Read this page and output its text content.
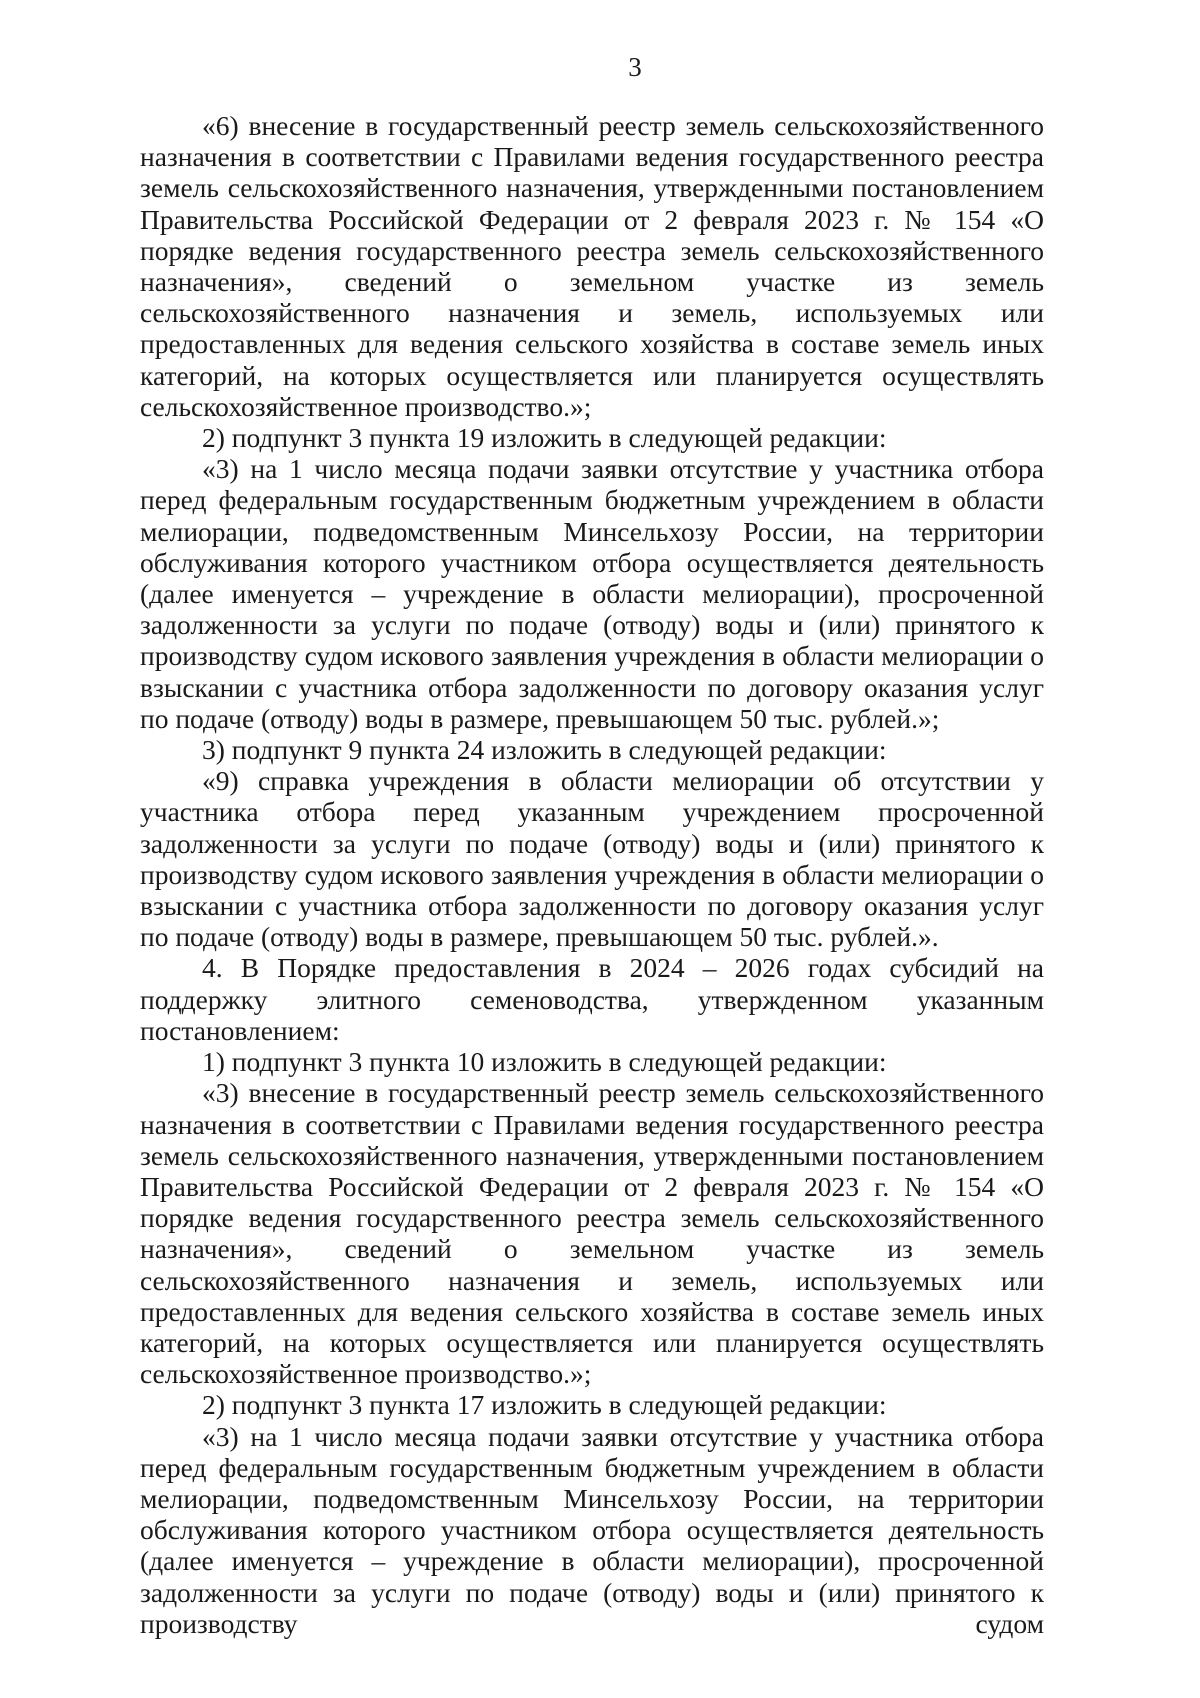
3

«6) внесение в государственный реестр земель сельскохозяйственного назначения в соответствии с Правилами ведения государственного реестра земель сельскохозяйственного назначения, утвержденными постановлением Правительства Российской Федерации от 2 февраля 2023 г. № 154 «О порядке ведения государственного реестра земель сельскохозяйственного назначения», сведений о земельном участке из земель сельскохозяйственного назначения и земель, используемых или предоставленных для ведения сельского хозяйства в составе земель иных категорий, на которых осуществляется или планируется осуществлять сельскохозяйственное производство.»;

2) подпункт 3 пункта 19 изложить в следующей редакции:

«3) на 1 число месяца подачи заявки отсутствие у участника отбора перед федеральным государственным бюджетным учреждением в области мелиорации, подведомственным Минсельхозу России, на территории обслуживания которого участником отбора осуществляется деятельность (далее именуется – учреждение в области мелиорации), просроченной задолженности за услуги по подаче (отводу) воды и (или) принятого к производству судом искового заявления учреждения в области мелиорации о взыскании с участника отбора задолженности по договору оказания услуг по подаче (отводу) воды в размере, превышающем 50 тыс. рублей.»;

3) подпункт 9 пункта 24 изложить в следующей редакции:

«9) справка учреждения в области мелиорации об отсутствии у участника отбора перед указанным учреждением просроченной задолженности за услуги по подаче (отводу) воды и (или) принятого к производству судом искового заявления учреждения в области мелиорации о взыскании с участника отбора задолженности по договору оказания услуг по подаче (отводу) воды в размере, превышающем 50 тыс. рублей.».

4. В Порядке предоставления в 2024 – 2026 годах субсидий на поддержку элитного семеноводства, утвержденном указанным постановлением:

1) подпункт 3 пункта 10 изложить в следующей редакции:

«3) внесение в государственный реестр земель сельскохозяйственного назначения в соответствии с Правилами ведения государственного реестра земель сельскохозяйственного назначения, утвержденными постановлением Правительства Российской Федерации от 2 февраля 2023 г. № 154 «О порядке ведения государственного реестра земель сельскохозяйственного назначения», сведений о земельном участке из земель сельскохозяйственного назначения и земель, используемых или предоставленных для ведения сельского хозяйства в составе земель иных категорий, на которых осуществляется или планируется осуществлять сельскохозяйственное производство.»;

2) подпункт 3 пункта 17 изложить в следующей редакции:

«3) на 1 число месяца подачи заявки отсутствие у участника отбора перед федеральным государственным бюджетным учреждением в области мелиорации, подведомственным Минсельхозу России, на территории обслуживания которого участником отбора осуществляется деятельность (далее именуется – учреждение в области мелиорации), просроченной задолженности за услуги по подаче (отводу) воды и (или) принятого к производству судом
